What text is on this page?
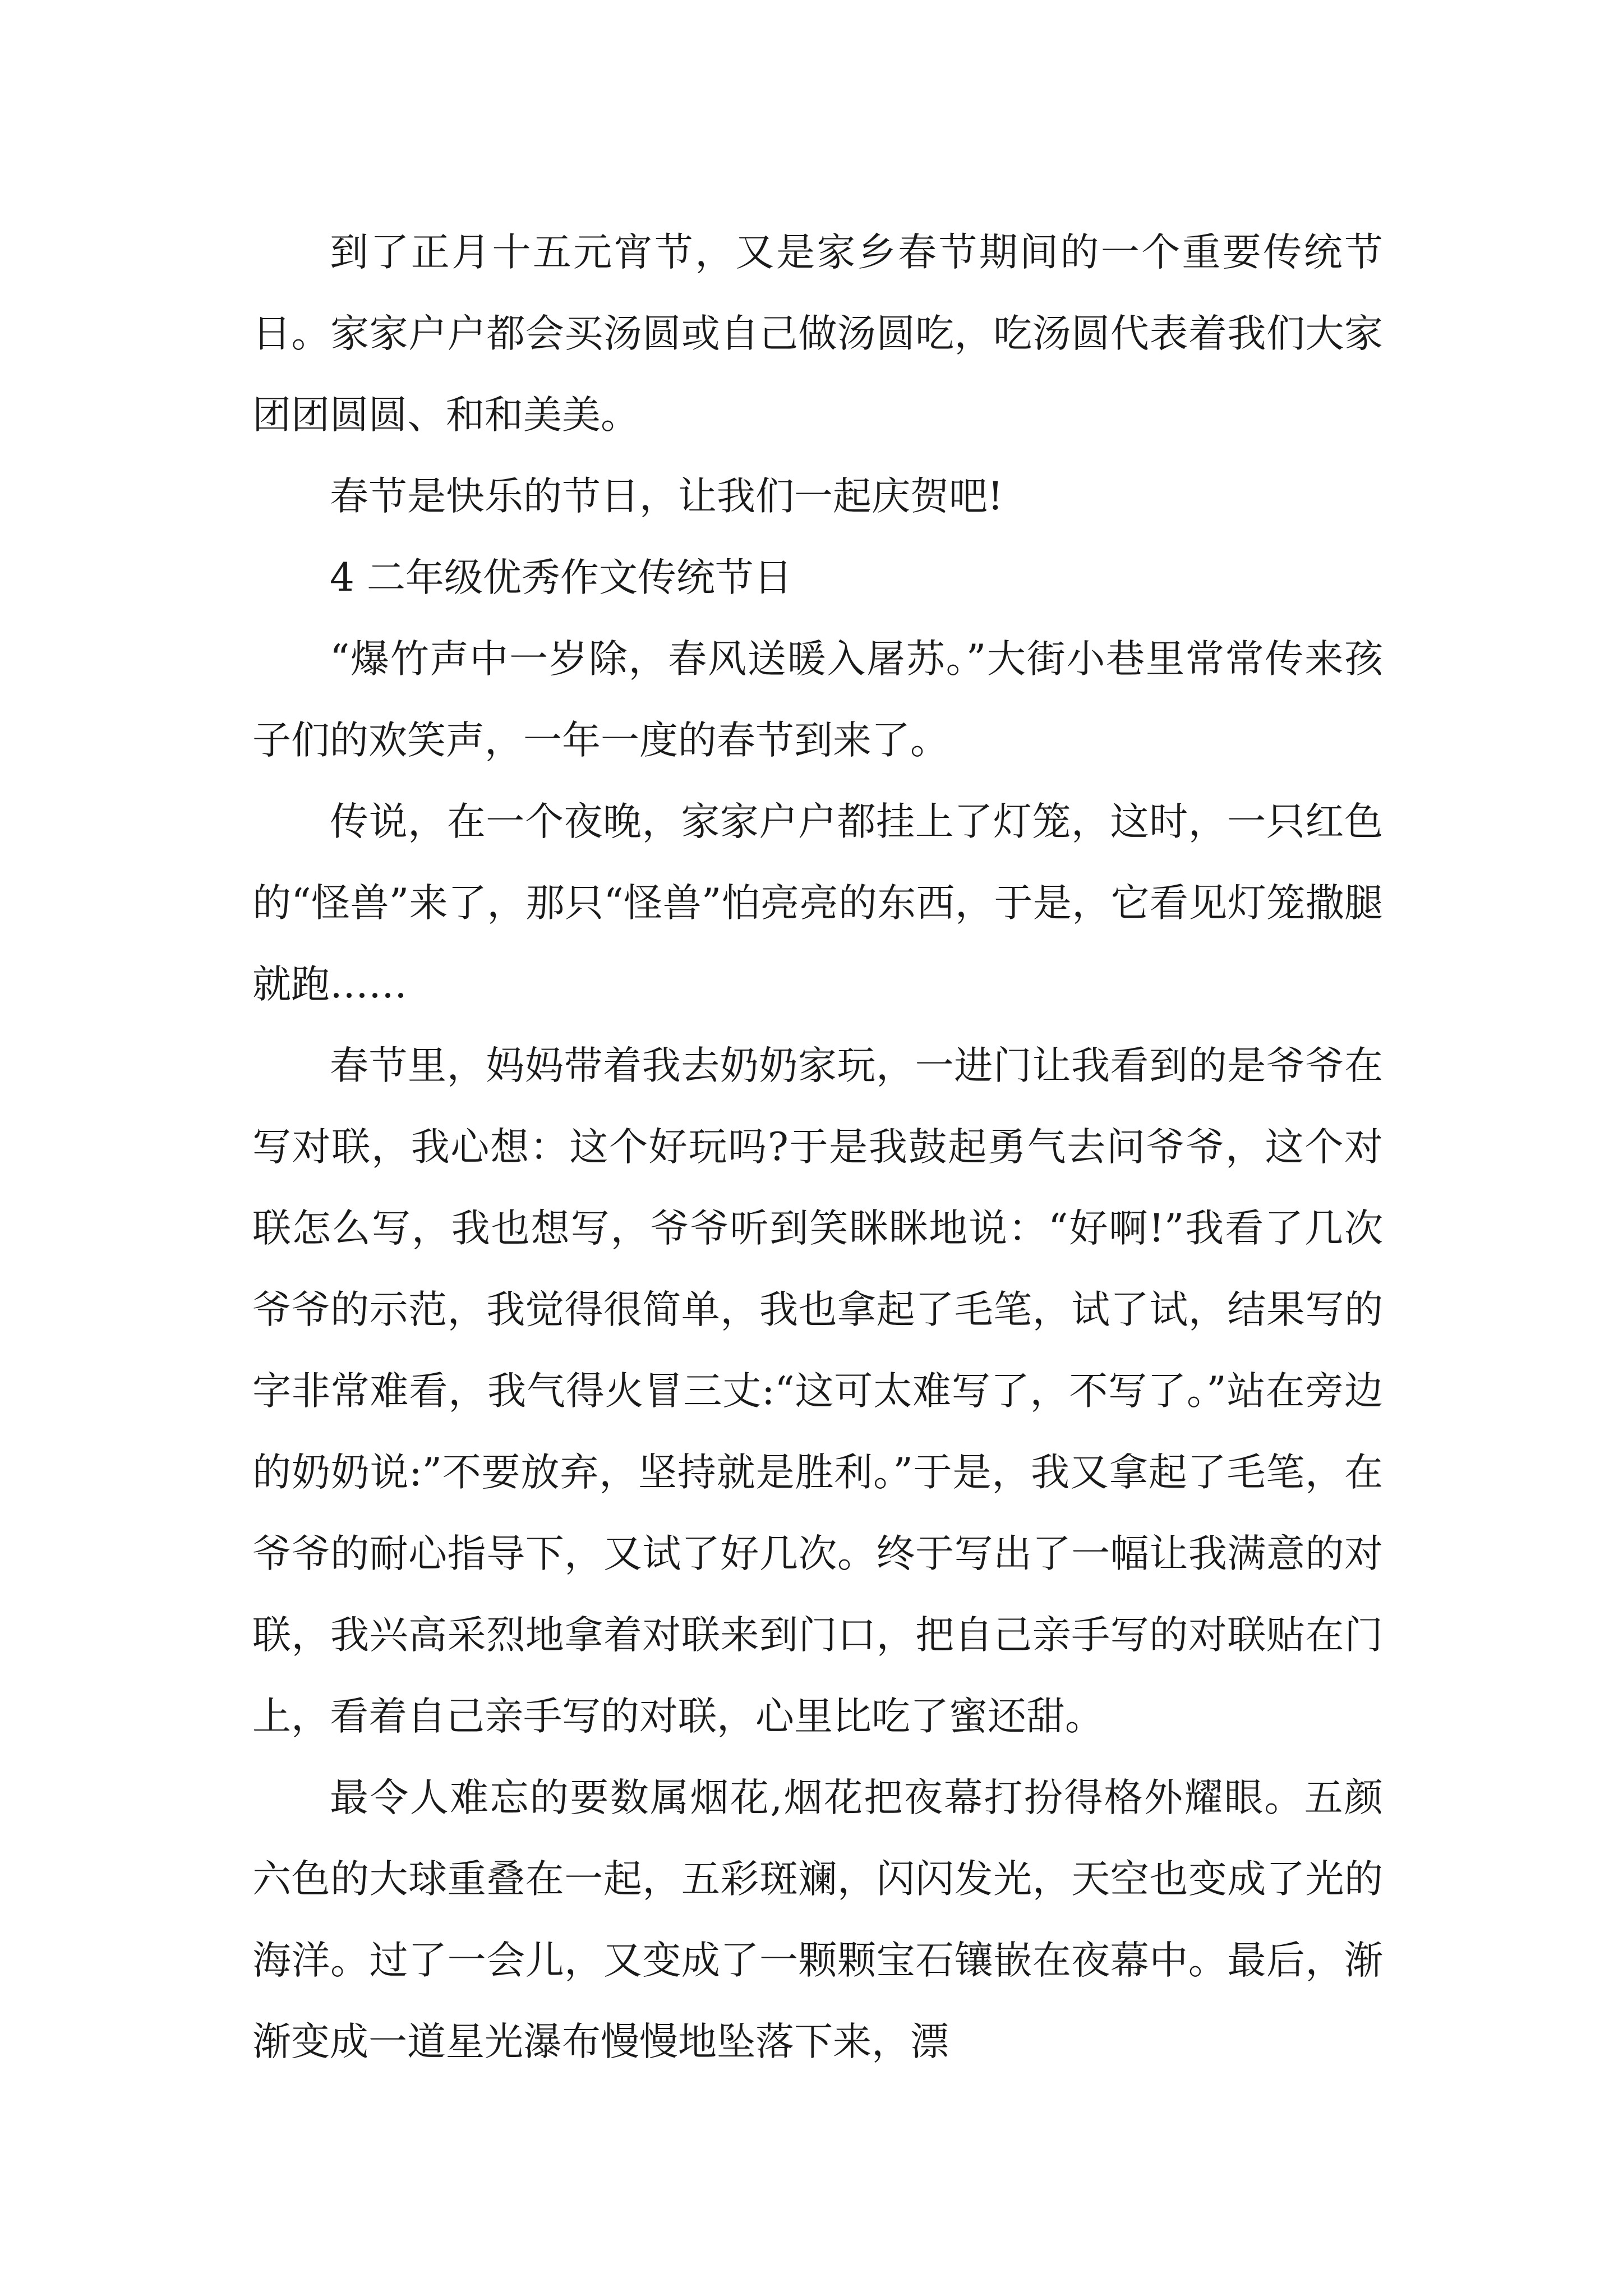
到了正月十五元宵节，又是家乡春节期间的一个重要传统节日。家家户户都会买汤圆或自己做汤圆吃，吃汤圆代表着我们大家团团圆圆、和和美美。

春节是快乐的节日，让我们一起庆贺吧!

4 二年级优秀作文传统节日

“爆竹声中一岁除，春风送暖入屠苏。”大街小巷里常常传来孩子们的欢笑声，一年一度的春节到来了。

传说，在一个夜晚，家家户户都挂上了灯笼，这时，一只红色的“怪兽”来了，那只“怪兽”怕亮亮的东西，于是，它看见灯笼撒腿就跑……

春节里，妈妈带着我去奶奶家玩，一进门让我看到的是爷爷在写对联，我心想：这个好玩吗?于是我鼓起勇气去问爷爷，这个对联怎么写，我也想写，爷爷听到笑眯眯地说：“好啊!”我看了几次爷爷的示范，我觉得很简单，我也拿起了毛笔，试了试，结果写的字非常难看，我气得火冒三丈:“这可太难写了，不写了。”站在旁边的奶奶说:”不要放弃，坚持就是胜利。”于是，我又拿起了毛笔，在爷爷的耐心指导下，又试了好几次。终于写出了一幅让我满意的对联，我兴高采烈地拿着对联来到门口，把自己亲手写的对联贴在门上，看着自己亲手写的对联，心里比吃了蜜还甜。

最令人难忘的要数属烟花,烟花把夜幕打扮得格外耀眼。五颜六色的大球重叠在一起，五彩斑斓，闪闪发光，天空也变成了光的海洋。过了一会儿，又变成了一颗颗宝石镶嵌在夜幕中。最后，渐渐变成一道星光瀑布慢慢地坠落下来，漂
